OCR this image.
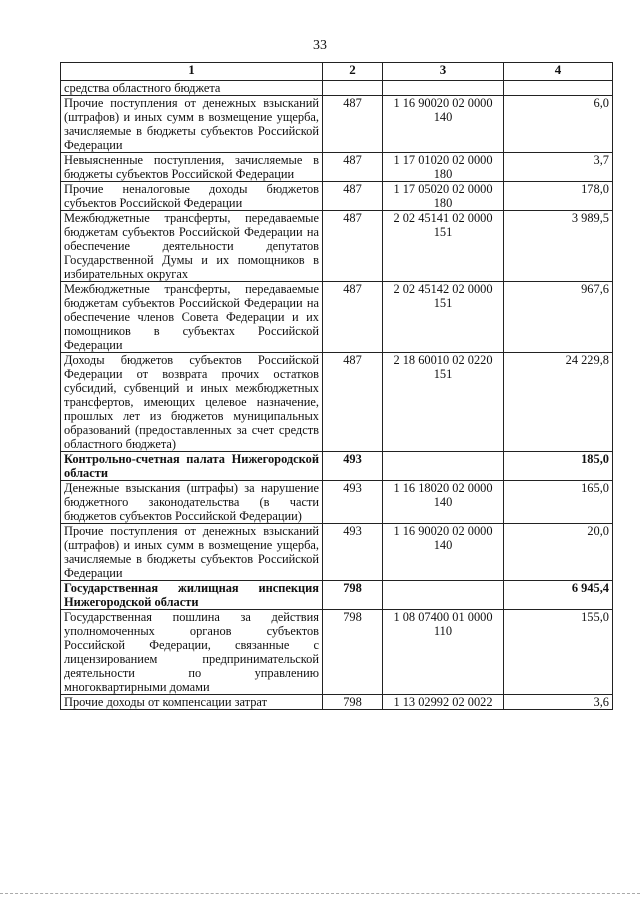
33
1	2	3	4
средства областного бюджета			
Прочие поступления от денежных взысканий (штрафов) и иных сумм в возмещение ущерба, зачисляемые в бюджеты субъектов Российской Федерации	487	1 16 90020 02 0000 140	6,0
Невыясненные поступления, зачисляемые в бюджеты субъектов Российской Федерации	487	1 17 01020 02 0000 180	3,7
Прочие неналоговые доходы бюджетов субъектов Российской Федерации	487	1 17 05020 02 0000 180	178,0
Межбюджетные трансферты, передаваемые бюджетам субъектов Российской Федерации на обеспечение деятельности депутатов Государственной Думы и их помощников в избирательных округах	487	2 02 45141 02 0000 151	3 989,5
Межбюджетные трансферты, передаваемые бюджетам субъектов Российской Федерации на обеспечение членов Совета Федерации и их помощников в субъектах Российской Федерации	487	2 02 45142 02 0000 151	967,6
Доходы бюджетов субъектов Российской Федерации от возврата прочих остатков субсидий, субвенций и иных межбюджетных трансфертов, имеющих целевое назначение, прошлых лет из бюджетов муниципальных образований (предоставленных за счет средств областного бюджета)	487	2 18 60010 02 0220 151	24 229,8
Контрольно-счетная палата Нижегородской области	493		185,0
Денежные взыскания (штрафы) за нарушение бюджетного законодательства (в части бюджетов субъектов Российской Федерации)	493	1 16 18020 02 0000 140	165,0
Прочие поступления от денежных взысканий (штрафов) и иных сумм в возмещение ущерба, зачисляемые в бюджеты субъектов Российской Федерации	493	1 16 90020 02 0000 140	20,0
Государственная жилищная инспекция Нижегородской области	798		6 945,4
Государственная пошлина за действия уполномоченных органов субъектов Российской Федерации, связанные с лицензированием предпринимательской деятельности по управлению многоквартирными домами	798	1 08 07400 01 0000 110	155,0
Прочие доходы от компенсации затрат	798	1 13 02992 02 0022	3,6
